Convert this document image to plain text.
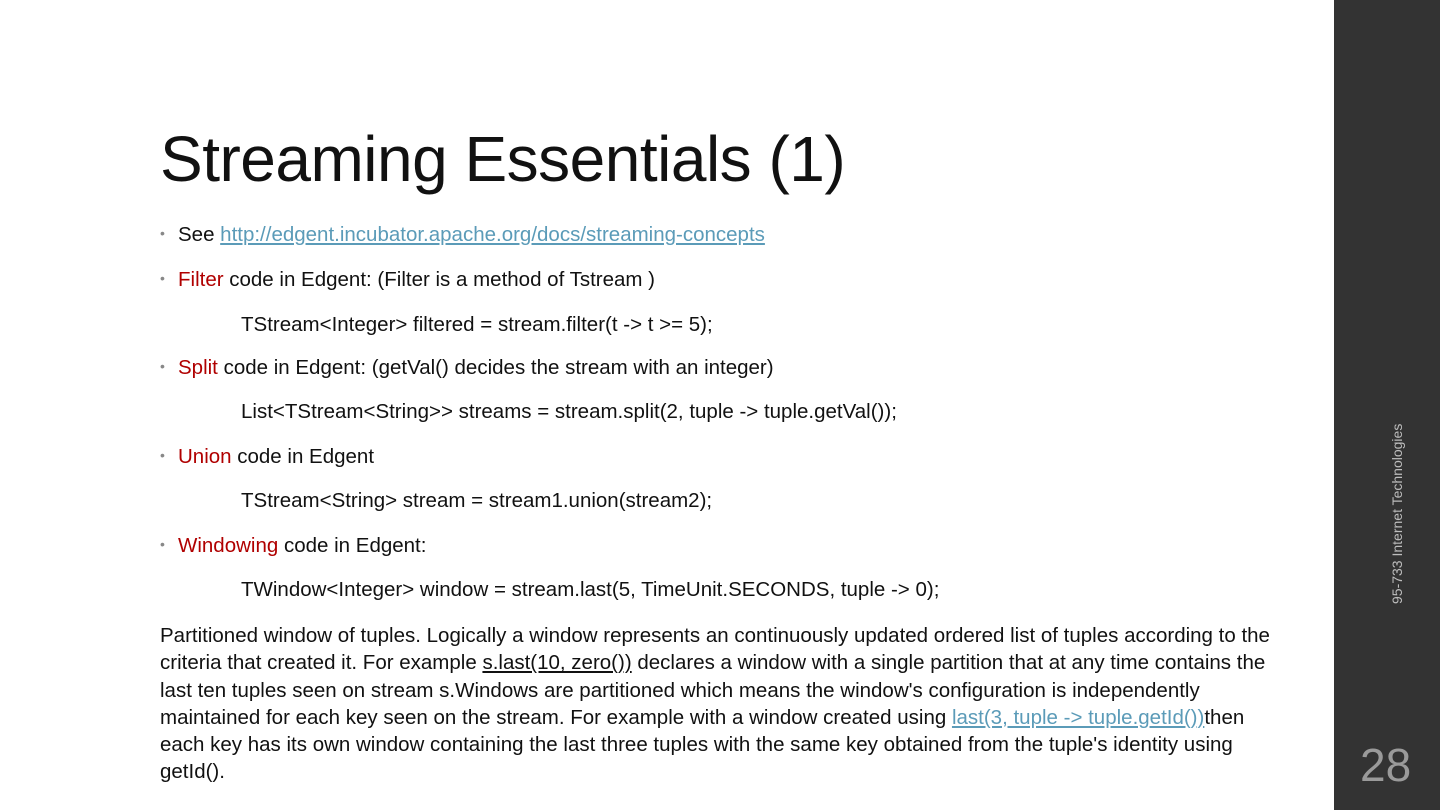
Streaming Essentials (1)
• See http://edgent.incubator.apache.org/docs/streaming-concepts
• Filter code in Edgent: (Filter is a method of Tstream )
TStream<Integer> filtered = stream.filter(t -> t >= 5);
• Split code in Edgent: (getVal() decides the stream with an integer)
List<TStream<String>> streams = stream.split(2, tuple -> tuple.getVal());
• Union code in Edgent
TStream<String> stream = stream1.union(stream2);
• Windowing code in Edgent:
TWindow<Integer> window = stream.last(5, TimeUnit.SECONDS, tuple -> 0);
Partitioned window of tuples. Logically a window represents an continuously updated ordered list of tuples according to the criteria that created it. For example s.last(10, zero()) declares a window with a single partition that at any time contains the last ten tuples seen on stream s.Windows are partitioned which means the window's configuration is independently maintained for each key seen on the stream. For example with a window created using last(3, tuple -> tuple.getId())then each key has its own window containing the last three tuples with the same key obtained from the tuple's identity using getId().
95-733 Internet Technologies
28
